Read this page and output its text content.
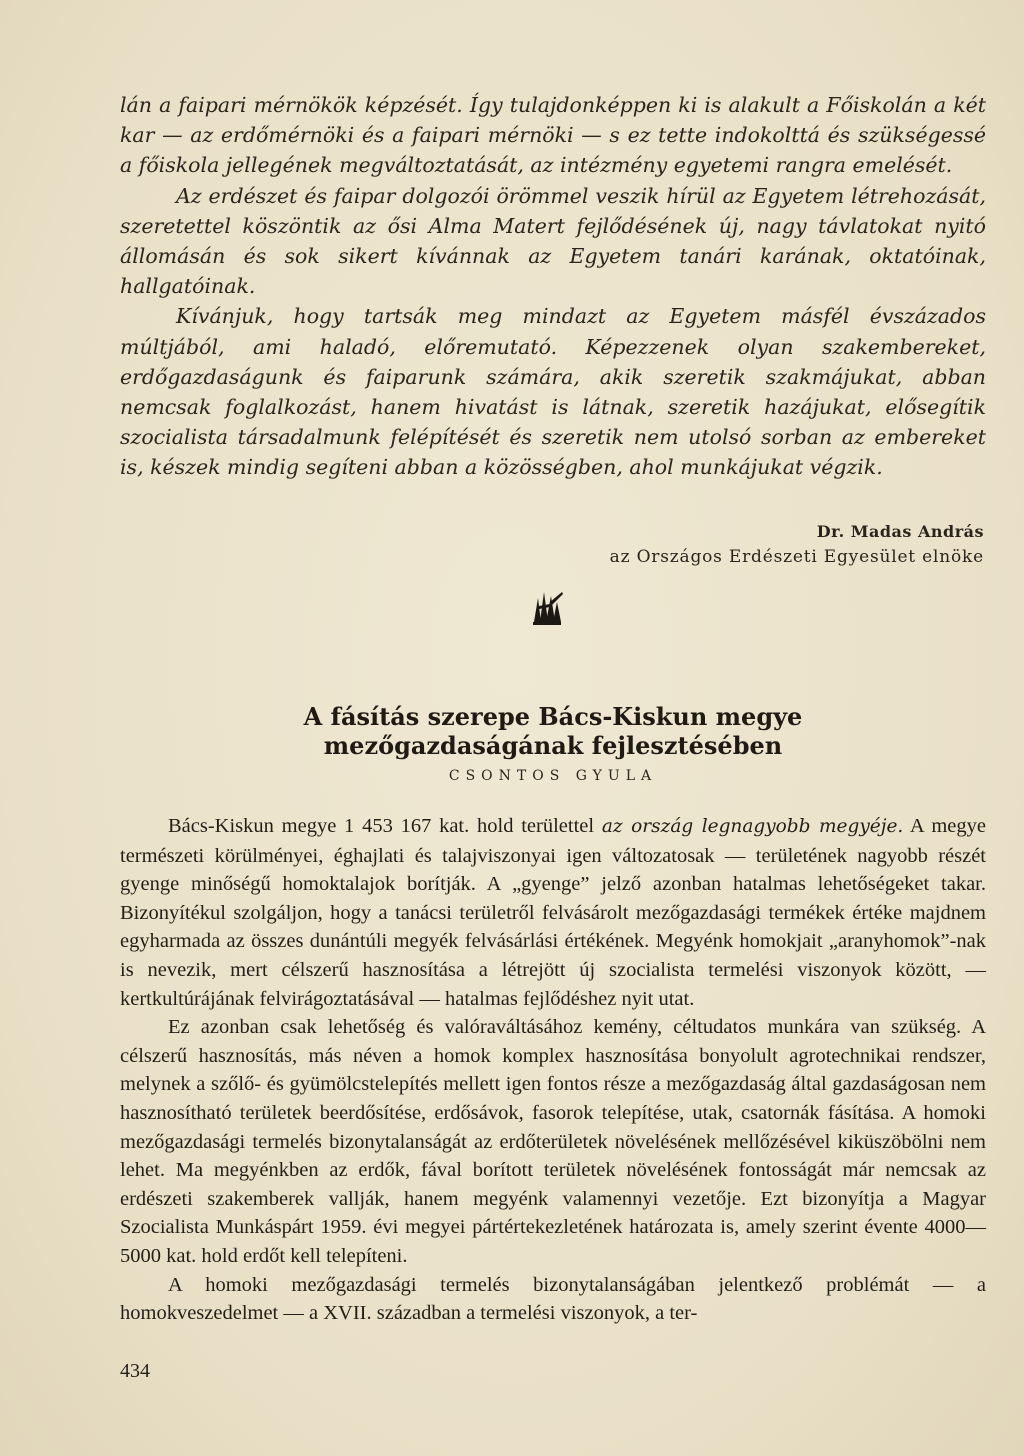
lán a faipari mérnökök képzését. Így tulajdonképpen ki is alakult a Főiskolán a két kar — az erdőmérnöki és a faipari mérnöki — s ez tette indokolttá és szükségessé a főiskola jellegének megváltoztatását, az intézmény egyetemi rangra emelését.

Az erdészet és faipar dolgozói örömmel veszik hírül az Egyetem létrehozását, szeretettel köszöntik az ősi Alma Matert fejlődésének új, nagy távlatokat nyitó állomásán és sok sikert kívánnak az Egyetem tanári karának, oktatóinak, hallgatóinak.

Kívánjuk, hogy tartsák meg mindazt az Egyetem másfél évszázados múltjából, ami haladó, előremutató. Képezzenek olyan szakembereket, erdőgazdaságunk és faiparunk számára, akik szeretik szakmájukat, abban nemcsak foglalkozást, hanem hivatást is látnak, szeretik hazájukat, elősegítik szocialista társadalmunk felépítését és szeretik nem utolsó sorban az embereket is, készek mindig segíteni abban a közösségben, ahol munkájukat végzik.

Dr. Madas András
az Országos Erdészeti Egyesület elnöke
A fásítás szerepe Bács-Kiskun megye
mezőgazdaságának fejlesztésében
CSONTOS GYULA

Bács-Kiskun megye 1 453 167 kat. hold területtel az ország legnagyobb megyéje. A megye természeti körülményei, éghajlati és talajviszonyai igen változatosak — területének nagyobb részét gyenge minőségű homoktalajok borítják. A „gyenge” jelző azonban hatalmas lehetőségeket takar. Bizonyítékul szolgáljon, hogy a tanácsi területről felvásárolt mezőgazdasági termékek értéke majdnem egyharmada az összes dunántúli megyék felvásárlási értékének. Megyénk homokjait „aranyhomok”-nak is nevezik, mert célszerű hasznosítása a létrejött új szocialista termelési viszonyok között, — kertkultúrájának felvirágoztatásával — hatalmas fejlődéshez nyit utat.

Ez azonban csak lehetőség és valóraváltásához kemény, céltudatos munkára van szükség. A célszerű hasznosítás, más néven a homok komplex hasznosítása bonyolult agrotechnikai rendszer, melynek a szőlő- és gyümölcstelepítés mellett igen fontos része a mezőgazdaság által gazdaságosan nem hasznosítható területek beerdősítése, erdősávok, fasorok telepítése, utak, csatornák fásítása. A homoki mezőgazdasági termelés bizonytalanságát az erdőterületek növelésének mellőzésével kiküszöbölni nem lehet. Ma megyénkben az erdők, fával borított területek növelésének fontosságát már nemcsak az erdészeti szakemberek vallják, hanem megyénk valamennyi vezetője. Ezt bizonyítja a Magyar Szocialista Munkáspárt 1959. évi megyei pártértekezletének határozata is, amely szerint évente 4000—5000 kat. hold erdőt kell telepíteni.

A homoki mezőgazdasági termelés bizonytalanságában jelentkező problémát — a homokveszedelmet — a XVII. században a termelési viszonyok, a ter-

434
